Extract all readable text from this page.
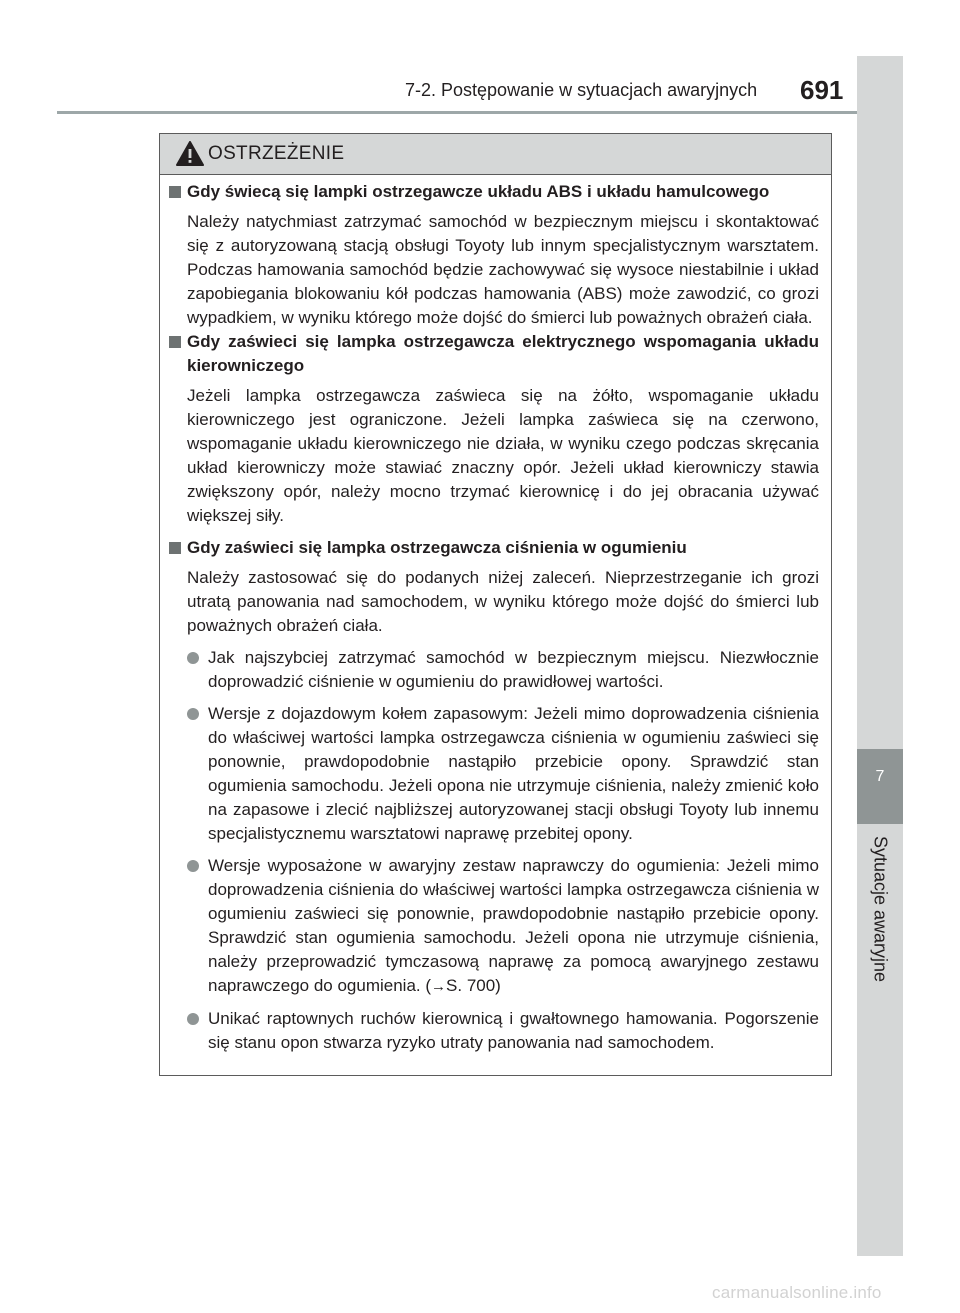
7-2. Postępowanie w sytuacjach awaryjnych 691
7
Sytuacje awaryjne
OSTRZEŻENIE
Gdy świecą się lampki ostrzegawcze układu ABS i układu hamulcowego
Należy natychmiast zatrzymać samochód w bezpiecznym miejscu i skontaktować się z autoryzowaną stacją obsługi Toyoty lub innym specjalistycznym warsztatem. Podczas hamowania samochód będzie zachowywać się wysoce niestabilnie i układ zapobiegania blokowaniu kół podczas hamowania (ABS) może zawodzić, co grozi wypadkiem, w wyniku którego może dojść do śmierci lub poważnych obrażeń ciała.
Gdy zaświeci się lampka ostrzegawcza elektrycznego wspomagania układu kierowniczego
Jeżeli lampka ostrzegawcza zaświeca się na żółto, wspomaganie układu kierowniczego jest ograniczone. Jeżeli lampka zaświeca się na czerwono, wspomaganie układu kierowniczego nie działa, w wyniku czego podczas skręcania układ kierowniczy może stawiać znaczny opór. Jeżeli układ kierowniczy stawia zwiększony opór, należy mocno trzymać kierownicę i do jej obracania używać większej siły.
Gdy zaświeci się lampka ostrzegawcza ciśnienia w ogumieniu
Należy zastosować się do podanych niżej zaleceń. Nieprzestrzeganie ich grozi utratą panowania nad samochodem, w wyniku którego może dojść do śmierci lub poważnych obrażeń ciała.
Jak najszybciej zatrzymać samochód w bezpiecznym miejscu. Niezwłocznie doprowadzić ciśnienie w ogumieniu do prawidłowej wartości.
Wersje z dojazdowym kołem zapasowym: Jeżeli mimo doprowadzenia ciśnienia do właściwej wartości lampka ostrzegawcza ciśnienia w ogumieniu zaświeci się ponownie, prawdopodobnie nastąpiło przebicie opony. Sprawdzić stan ogumienia samochodu. Jeżeli opona nie utrzymuje ciśnienia, należy zmienić koło na zapasowe i zlecić najbliższej autoryzowanej stacji obsługi Toyoty lub innemu specjalistycznemu warsztatowi naprawę przebitej opony.
Wersje wyposażone w awaryjny zestaw naprawczy do ogumienia: Jeżeli mimo doprowadzenia ciśnienia do właściwej wartości lampka ostrzegawcza ciśnienia w ogumieniu zaświeci się ponownie, prawdopodobnie nastąpiło przebicie opony. Sprawdzić stan ogumienia samochodu. Jeżeli opona nie utrzymuje ciśnienia, należy przeprowadzić tymczasową naprawę za pomocą awaryjnego zestawu naprawczego do ogumienia. (→S. 700)
Unikać raptownych ruchów kierownicą i gwałtownego hamowania. Pogorszenie się stanu opon stwarza ryzyko utraty panowania nad samochodem.
carmanualsonline.info
